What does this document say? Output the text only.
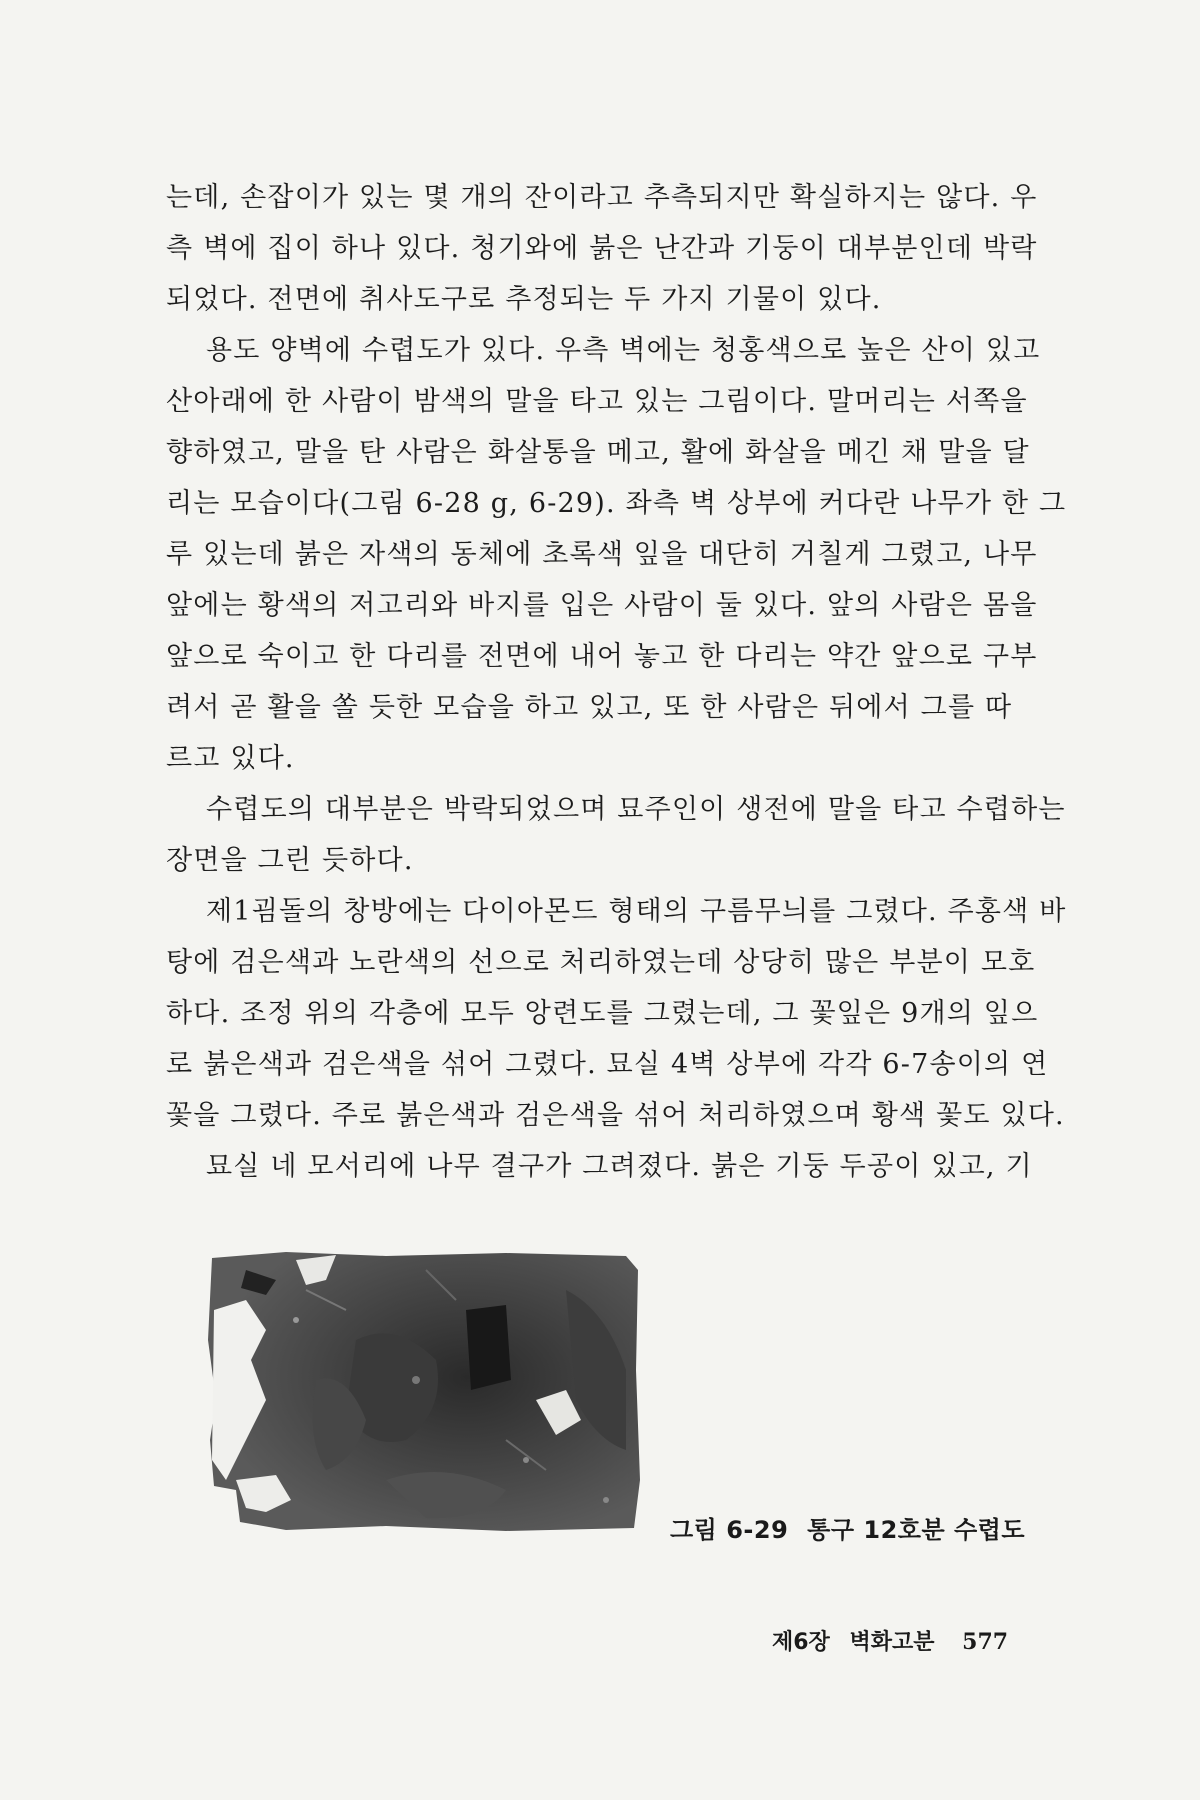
는데, 손잡이가 있는 몇 개의 잔이라고 추측되지만 확실하지는 않다. 우

측 벽에 집이 하나 있다. 청기와에 붉은 난간과 기둥이 대부분인데 박락

되었다. 전면에 취사도구로 추정되는 두 가지 기물이 있다.

용도 양벽에 수렵도가 있다. 우측 벽에는 청홍색으로 높은 산이 있고

산아래에 한 사람이 밤색의 말을 타고 있는 그림이다. 말머리는 서쪽을

향하였고, 말을 탄 사람은 화살통을 메고, 활에 화살을 메긴 채 말을 달

리는 모습이다(그림 6-28 g, 6-29). 좌측 벽 상부에 커다란 나무가 한 그

루 있는데 붉은 자색의 동체에 초록색 잎을 대단히 거칠게 그렸고, 나무

앞에는 황색의 저고리와 바지를 입은 사람이 둘 있다. 앞의 사람은 몸을

앞으로 숙이고 한 다리를 전면에 내어 놓고 한 다리는 약간 앞으로 구부

려서 곧 활을 쏠 듯한 모습을 하고 있고, 또 한 사람은 뒤에서 그를 따

르고 있다.

수렵도의 대부분은 박락되었으며 묘주인이 생전에 말을 타고 수렵하는

장면을 그린 듯하다.

제1굄돌의 창방에는 다이아몬드 형태의 구름무늬를 그렸다. 주홍색 바

탕에 검은색과 노란색의 선으로 처리하였는데 상당히 많은 부분이 모호

하다. 조정 위의 각층에 모두 앙련도를 그렸는데, 그 꽃잎은 9개의 잎으

로 붉은색과 검은색을 섞어 그렸다. 묘실 4벽 상부에 각각 6-7송이의 연

꽃을 그렸다. 주로 붉은색과 검은색을 섞어 처리하였으며 황색 꽃도 있다.

묘실 네 모서리에 나무 결구가 그려졌다. 붉은 기둥 두공이 있고, 기

그림 6-29 통구 12호분 수렵도
제6장 벽화고분 577
